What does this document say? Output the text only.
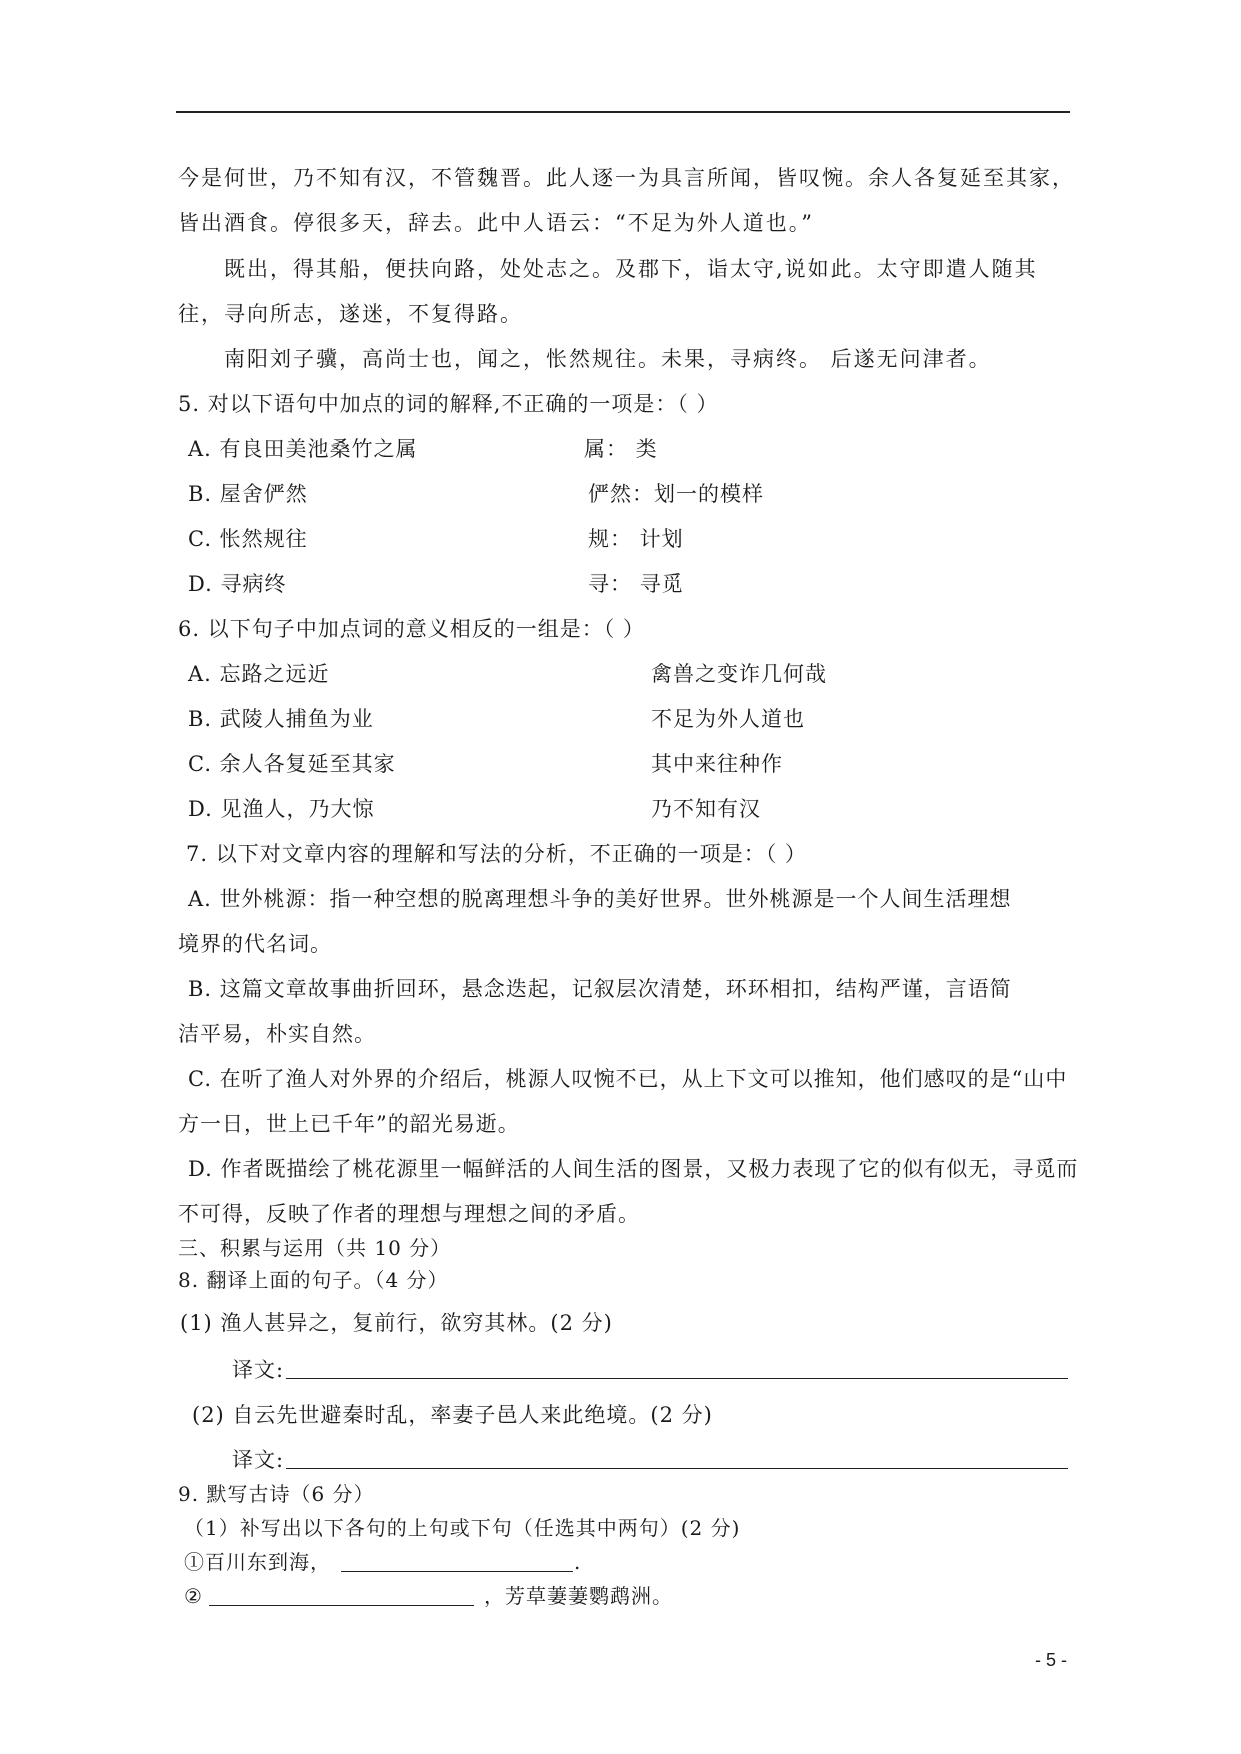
今是何世，乃不知有汉，不管魏晋。此人逐一为具言所闻，皆叹惋。余人各复延至其家，
皆出酒食。停很多天，辞去。此中人语云：“不足为外人道也。”
既出，得其船，便扶向路，处处志之。及郡下，诣太守,说如此。太守即遣人随其
往，寻向所志，遂迷，不复得路。
南阳刘子骥，高尚士也，闻之，怅然规往。未果，寻病终。 后遂无问津者。
5. 对以下语句中加点的词的解释,不正确的一项是：（ ）
A. 有良田美池桑竹之属	属： 类
B. 屋舍俨然	俨然：划一的模样
C. 怅然规往	规： 计划
D. 寻病终	寻： 寻觅
6. 以下句子中加点词的意义相反的一组是：（ ）
A. 忘路之远近	禽兽之变诈几何哉
B. 武陵人捕鱼为业	不足为外人道也
C. 余人各复延至其家	其中来往种作
D. 见渔人，乃大惊	乃不知有汉
7. 以下对文章内容的理解和写法的分析，不正确的一项是：（ ）
A. 世外桃源：指一种空想的脱离理想斗争的美好世界。世外桃源是一个人间生活理想
境界的代名词。
B. 这篇文章故事曲折回环，悬念迭起，记叙层次清楚，环环相扣，结构严谨，言语简
洁平易，朴实自然。
C. 在听了渔人对外界的介绍后，桃源人叹惋不已，从上下文可以推知，他们感叹的是“山中
方一日，世上已千年”的韶光易逝。
D. 作者既描绘了桃花源里一幅鲜活的人间生活的图景，又极力表现了它的似有似无，寻觅而
不可得，反映了作者的理想与理想之间的矛盾。
三、积累与运用（共 10 分）
8. 翻译上面的句子。（4 分）
(1) 渔人甚异之，复前行，欲穷其林。(2 分)
译文:
(2) 自云先世避秦时乱，率妻子邑人来此绝境。(2 分)
译文:
9. 默写古诗（6 分）
（1）补写出以下各句的上句或下句（任选其中两句）(2 分)
①百川东到海，	.
②	，芳草萋萋鹦鹉洲。
- 5 -
